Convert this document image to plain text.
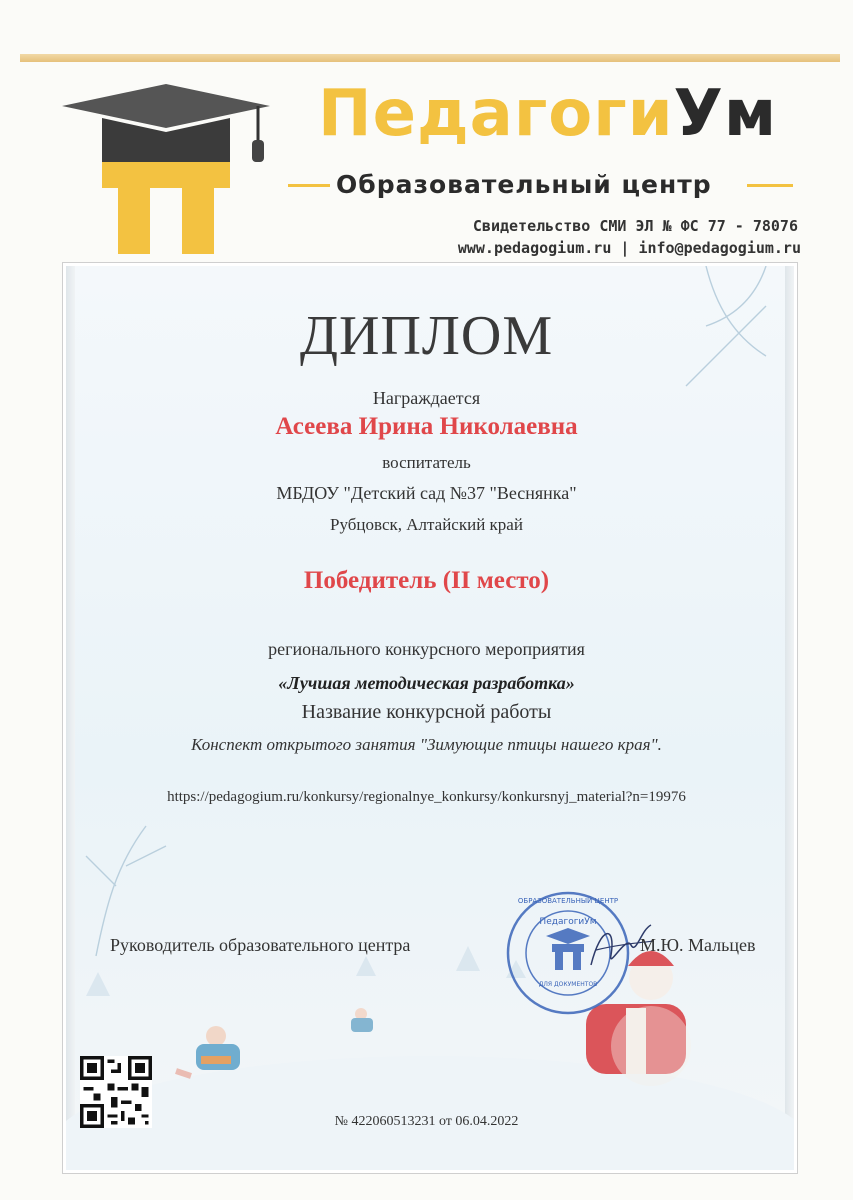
ПедагогиУм
Образовательный центр
Свидетельство СМИ ЭЛ № ФС 77 - 78076
www.pedagogium.ru | info@pedagogium.ru
ДИПЛОМ
Награждается
Асеева Ирина Николаевна
воспитатель
МБДОУ "Детский сад №37 "Веснянка"
Рубцовск, Алтайский край
Победитель (II место)
регионального конкурсного мероприятия
«Лучшая методическая разработка»
Название конкурсной работы
Конспект открытого занятия "Зимующие птицы нашего края".
https://pedagogium.ru/konkursy/regionalnye_konkursy/konkursnyj_material?n=19976
Руководитель образовательного центра
ПедагогиУм
ОБРАЗОВАТЕЛЬНЫЙ ЦЕНТР
ДЛЯ ДОКУМЕНТОВ
М.Ю. Мальцев
№ 422060513231 от 06.04.2022
